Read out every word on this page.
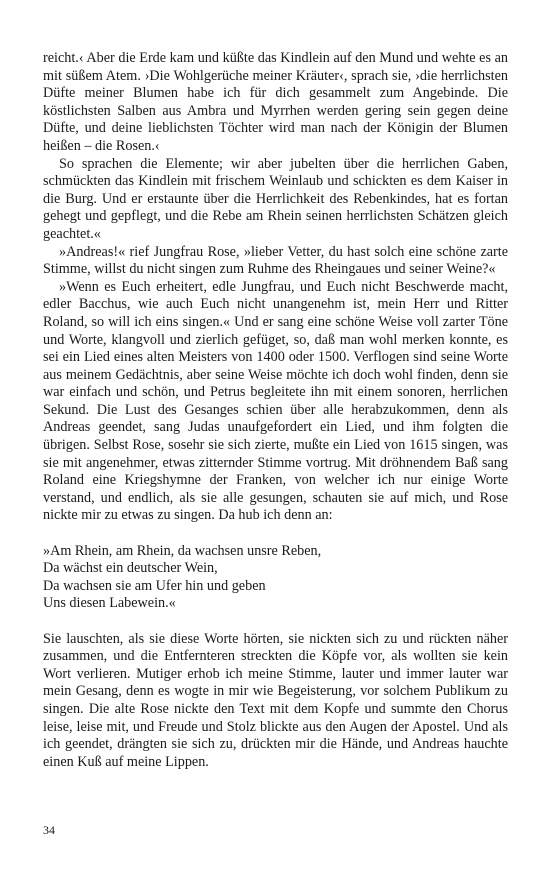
reicht.‹ Aber die Erde kam und küßte das Kindlein auf den Mund und wehte es an mit süßem Atem. ›Die Wohlgerüche meiner Kräuter‹, sprach sie, ›die herrlichsten Düfte meiner Blumen habe ich für dich gesammelt zum Angebinde. Die köstlichsten Salben aus Ambra und Myrrhen werden gering sein gegen deine Düfte, und deine lieblichsten Töchter wird man nach der Königin der Blumen heißen – die Rosen.‹

So sprachen die Elemente; wir aber jubelten über die herrlichen Gaben, schmückten das Kindlein mit frischem Weinlaub und schickten es dem Kaiser in die Burg. Und er erstaunte über die Herrlichkeit des Rebenkindes, hat es fortan gehegt und gepflegt, und die Rebe am Rhein seinen herrlichsten Schätzen gleich geachtet.«

»Andreas!« rief Jungfrau Rose, »lieber Vetter, du hast solch eine schöne zarte Stimme, willst du nicht singen zum Ruhme des Rheingaues und seiner Weine?«

»Wenn es Euch erheitert, edle Jungfrau, und Euch nicht Beschwerde macht, edler Bacchus, wie auch Euch nicht unangenehm ist, mein Herr und Ritter Roland, so will ich eins singen.« Und er sang eine schöne Weise voll zarter Töne und Worte, klangvoll und zierlich gefüget, so, daß man wohl merken konnte, es sei ein Lied eines alten Meisters von 1400 oder 1500. Verflogen sind seine Worte aus meinem Gedächtnis, aber seine Weise möchte ich doch wohl finden, denn sie war einfach und schön, und Petrus begleitete ihn mit einem sonoren, herrlichen Sekund. Die Lust des Gesanges schien über alle herabzukommen, denn als Andreas geendet, sang Judas unaufgefordert ein Lied, und ihm folgten die übrigen. Selbst Rose, sosehr sie sich zierte, mußte ein Lied von 1615 singen, was sie mit angenehmer, etwas zitternder Stimme vortrug. Mit dröhnendem Baß sang Roland eine Kriegshymne der Franken, von welcher ich nur einige Worte verstand, und endlich, als sie alle gesungen, schauten sie auf mich, und Rose nickte mir zu etwas zu singen. Da hub ich denn an:

»Am Rhein, am Rhein, da wachsen unsre Reben,
Da wächst ein deutscher Wein,
Da wachsen sie am Ufer hin und geben
Uns diesen Labewein.«

Sie lauschten, als sie diese Worte hörten, sie nickten sich zu und rückten näher zusammen, und die Entfernteren streckten die Köpfe vor, als wollten sie kein Wort verlieren. Mutiger erhob ich meine Stimme, lauter und immer lauter war mein Gesang, denn es wogte in mir wie Begeisterung, vor solchem Publikum zu singen. Die alte Rose nickte den Text mit dem Kopfe und summte den Chorus leise, leise mit, und Freude und Stolz blickte aus den Augen der Apostel. Und als ich geendet, drängten sie sich zu, drückten mir die Hände, und Andreas hauchte einen Kuß auf meine Lippen.

34
